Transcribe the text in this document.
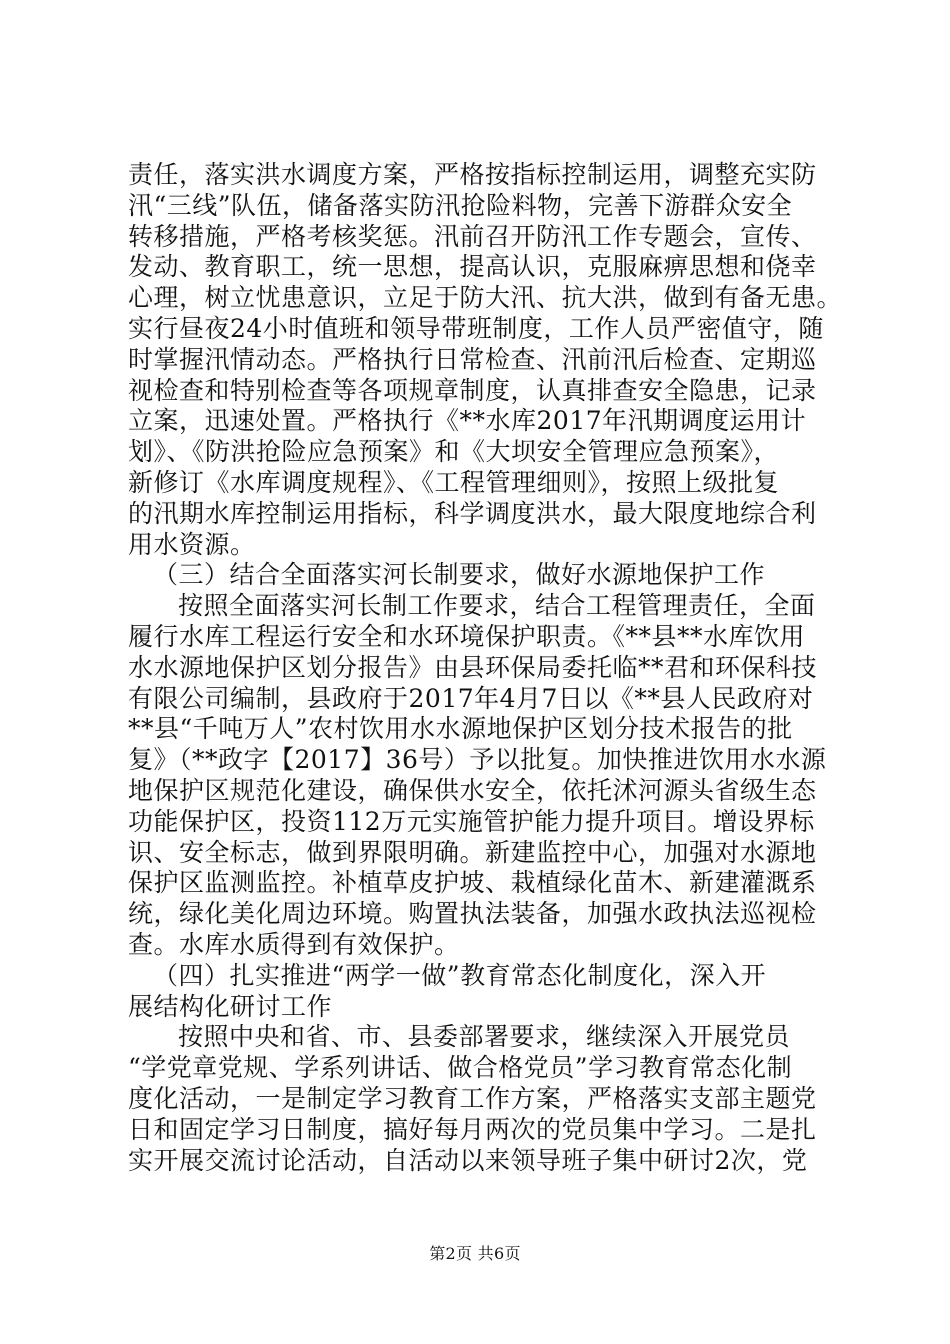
责任，落实洪水调度方案，严格按指标控制运用，调整充实防
汛“三线”队伍，储备落实防汛抢险料物，完善下游群众安全
转移措施，严格考核奖惩。汛前召开防汛工作专题会，宣传、
发动、教育职工，统一思想，提高认识，克服麻痹思想和侥幸
心理，树立忧患意识，立足于防大汛、抗大洪，做到有备无患。
实行昼夜24小时值班和领导带班制度，工作人员严密值守，随
时掌握汛情动态。严格执行日常检查、汛前汛后检查、定期巡
视检查和特别检查等各项规章制度，认真排查安全隐患，记录
立案，迅速处置。严格执行《**水库2017年汛期调度运用计
划》、《防洪抢险应急预案》和《大坝安全管理应急预案》，
新修订《水库调度规程》、《工程管理细则》，按照上级批复
的汛期水库控制运用指标，科学调度洪水，最大限度地综合利
用水资源。
（三）结合全面落实河长制要求，做好水源地保护工作
按照全面落实河长制工作要求，结合工程管理责任，全面
履行水库工程运行安全和水环境保护职责。《**县**水库饮用
水水源地保护区划分报告》由县环保局委托临**君和环保科技
有限公司编制，县政府于2017年4月7日以《**县人民政府对
**县“千吨万人”农村饮用水水源地保护区划分技术报告的批
复》（**政字【2017】36号）予以批复。加快推进饮用水水源
地保护区规范化建设，确保供水安全，依托沭河源头省级生态
功能保护区，投资112万元实施管护能力提升项目。增设界标
识、安全标志，做到界限明确。新建监控中心，加强对水源地
保护区监测监控。补植草皮护坡、栽植绿化苗木、新建灌溉系
统，绿化美化周边环境。购置执法装备，加强水政执法巡视检
查。水库水质得到有效保护。
（四）扎实推进“两学一做”教育常态化制度化，深入开
展结构化研讨工作
按照中央和省、市、县委部署要求，继续深入开展党员
“学党章党规、学系列讲话、做合格党员”学习教育常态化制
度化活动，一是制定学习教育工作方案，严格落实支部主题党
日和固定学习日制度，搞好每月两次的党员集中学习。二是扎
实开展交流讨论活动，自活动以来领导班子集中研讨2次，党
第2页 共6页
